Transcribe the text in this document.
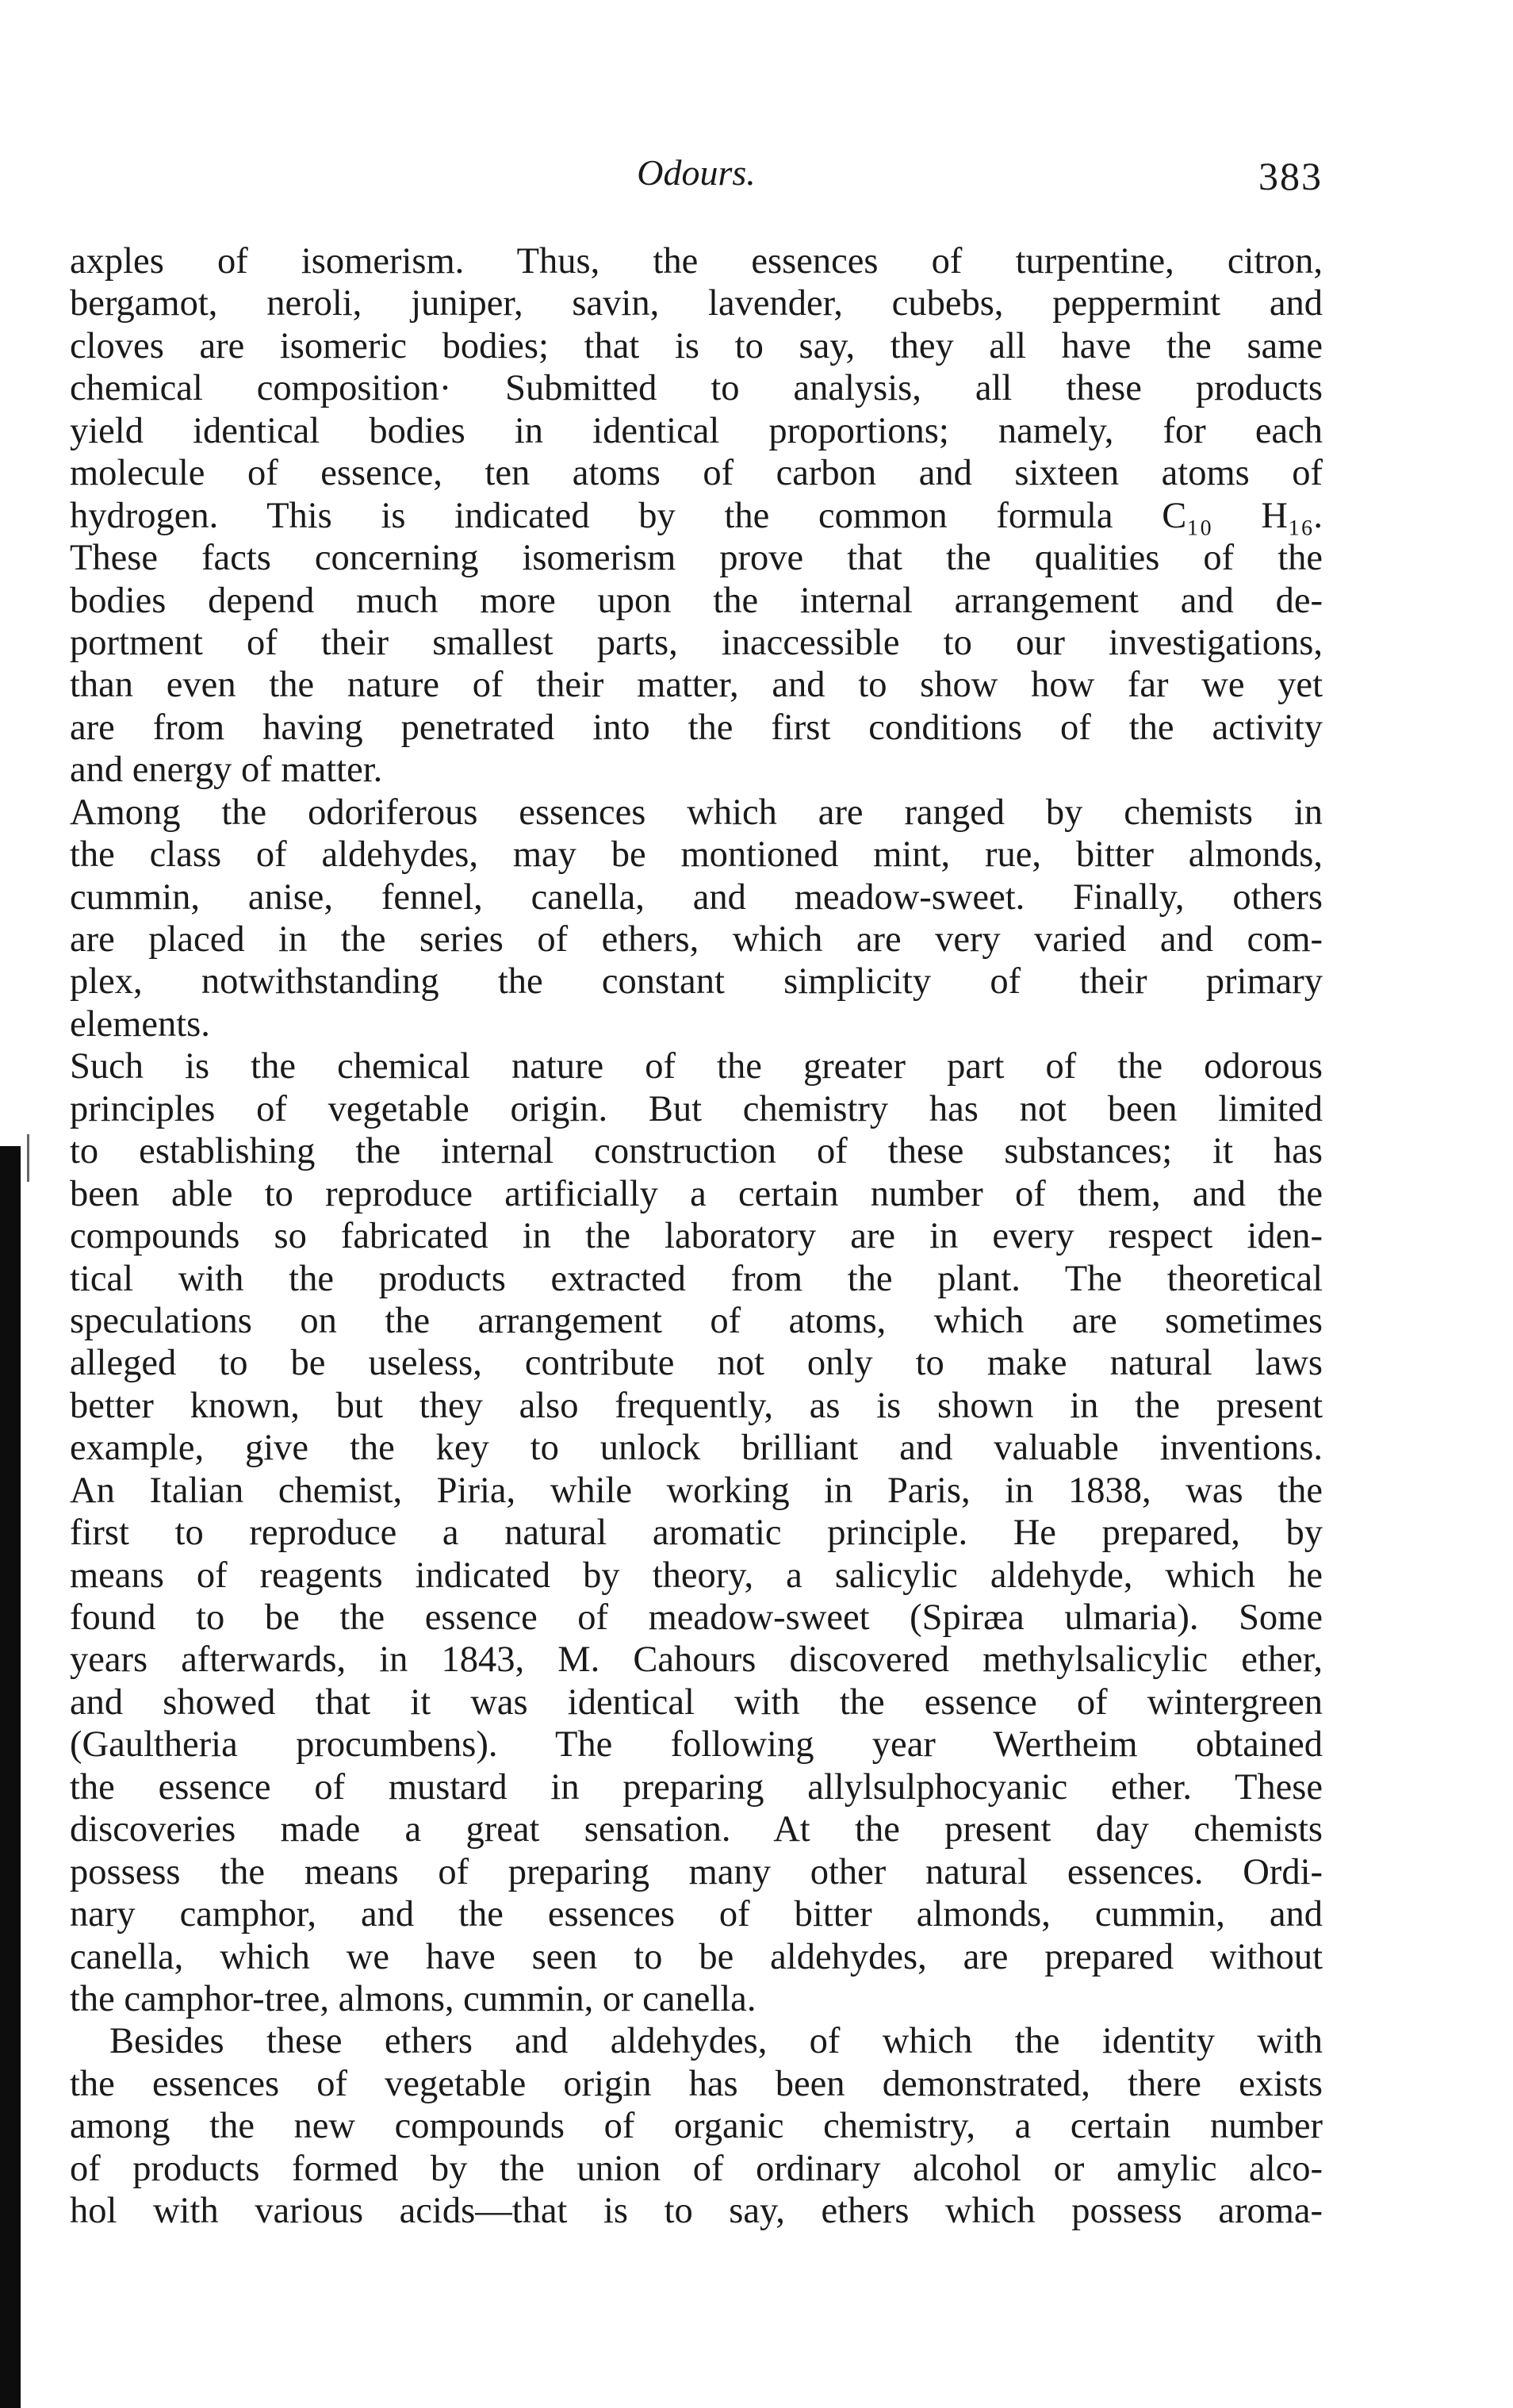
Odours.	383
axples of isomerism. Thus, the essences of turpentine, citron,
bergamot, neroli, juniper, savin, lavender, cubebs, peppermint and
cloves are isomeric bodies; that is to say, they all have the same
chemical composition· Submitted to analysis, all these products
yield identical bodies in identical proportions; namely, for each
molecule of essence, ten atoms of carbon and sixteen atoms of
hydrogen. This is indicated by the common formula C₁₀ H₁₆.
These facts concerning isomerism prove that the qualities of the
bodies depend much more upon the internal arrangement and de-
portment of their smallest parts, inaccessible to our investigations,
than even the nature of their matter, and to show how far we yet
are from having penetrated into the first conditions of the activity
and energy of matter.
Among the odoriferous essences which are ranged by chemists in
the class of aldehydes, may be montioned mint, rue, bitter almonds,
cummin, anise, fennel, canella, and meadow-sweet. Finally, others
are placed in the series of ethers, which are very varied and com-
plex, notwithstanding the constant simplicity of their primary
elements.
Such is the chemical nature of the greater part of the odorous
principles of vegetable origin. But chemistry has not been limited
to establishing the internal construction of these substances; it has
been able to reproduce artificially a certain number of them, and the
compounds so fabricated in the laboratory are in every respect iden-
tical with the products extracted from the plant. The theoretical
speculations on the arrangement of atoms, which are sometimes
alleged to be useless, contribute not only to make natural laws
better known, but they also frequently, as is shown in the present
example, give the key to unlock brilliant and valuable inventions.
An Italian chemist, Piria, while working in Paris, in 1838, was the
first to reproduce a natural aromatic principle. He prepared, by
means of reagents indicated by theory, a salicylic aldehyde, which he
found to be the essence of meadow-sweet (Spiræa ulmaria). Some
years afterwards, in 1843, M. Cahours discovered methylsalicylic ether,
and showed that it was identical with the essence of wintergreen
(Gaultheria procumbens). The following year Wertheim obtained
the essence of mustard in preparing allylsulphocyanic ether. These
discoveries made a great sensation. At the present day chemists
possess the means of preparing many other natural essences. Ordi-
nary camphor, and the essences of bitter almonds, cummin, and
canella, which we have seen to be aldehydes, are prepared without
the camphor-tree, almons, cummin, or canella.
Besides these ethers and aldehydes, of which the identity with
the essences of vegetable origin has been demonstrated, there exists
among the new compounds of organic chemistry, a certain number
of products formed by the union of ordinary alcohol or amylic alco-
hol with various acids—that is to say, ethers which possess aroma-
